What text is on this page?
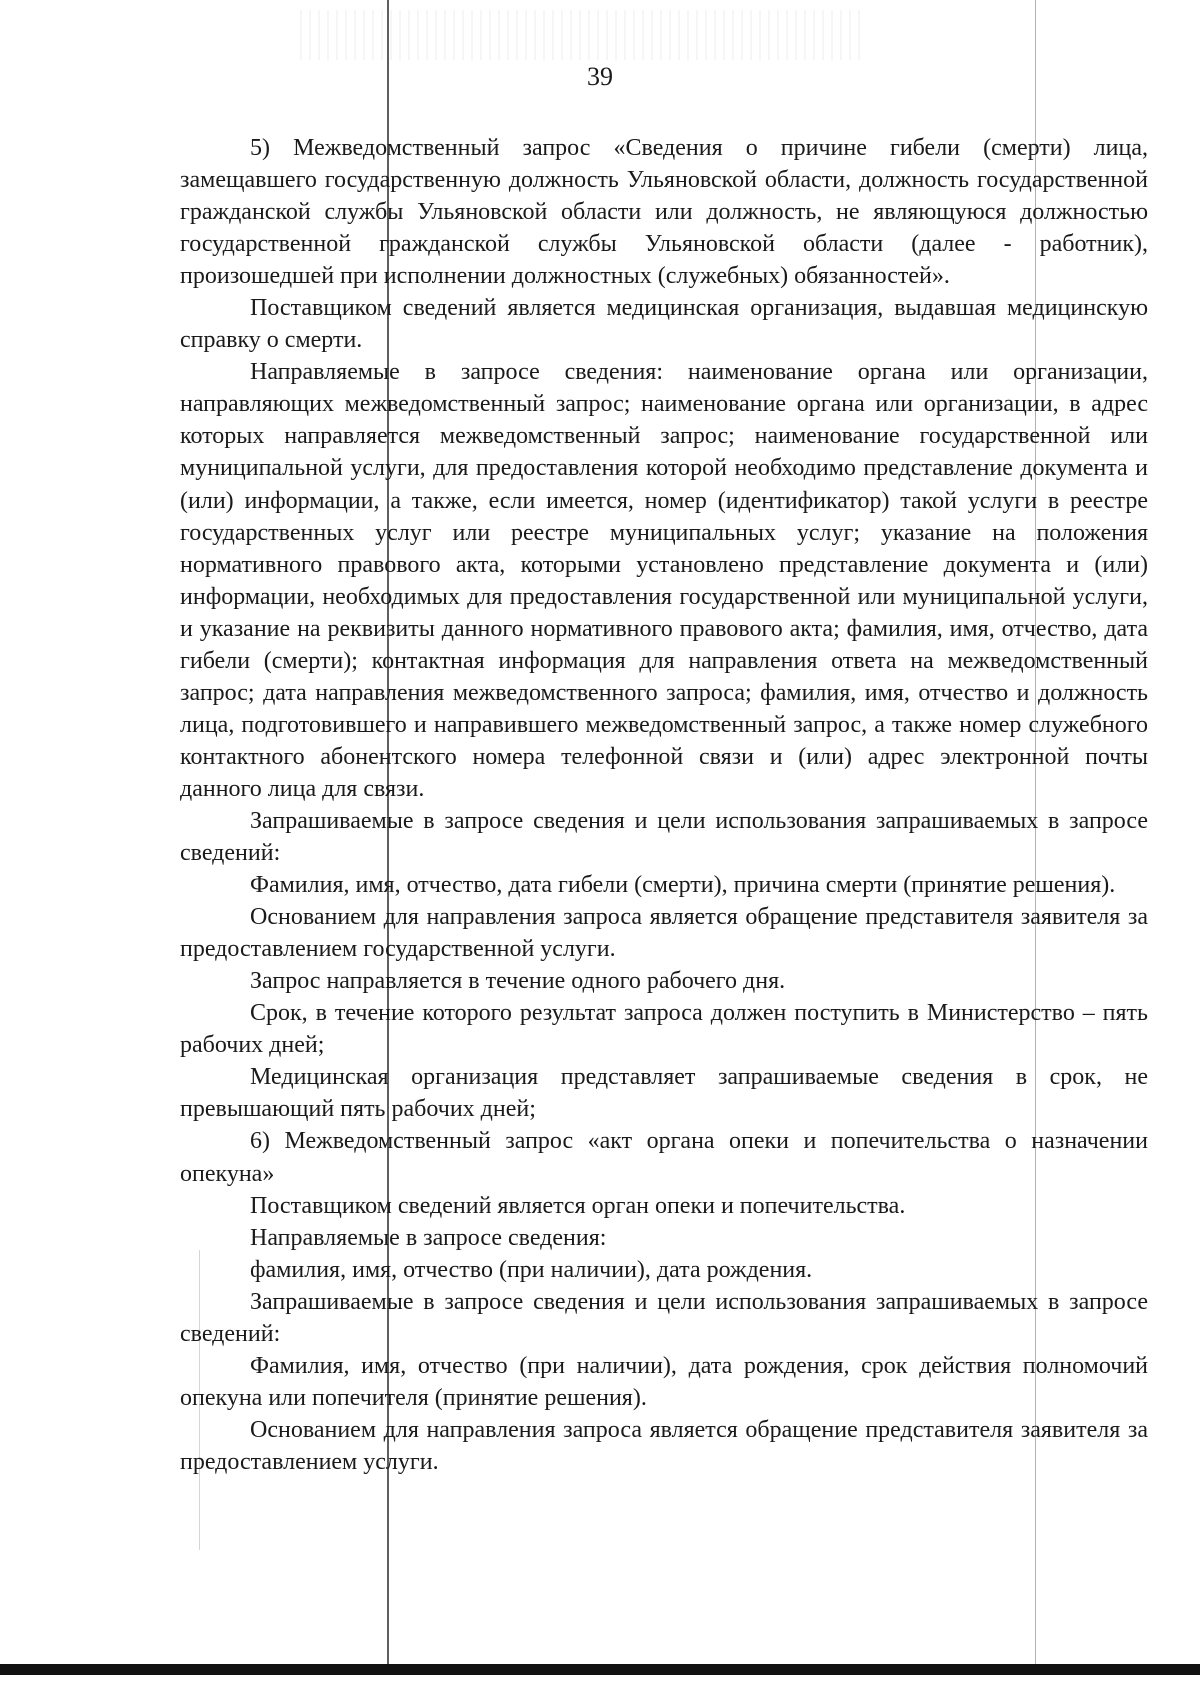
39

5) Межведомственный запрос «Сведения о причине гибели (смерти) лица, замещавшего государственную должность Ульяновской области, должность государственной гражданской службы Ульяновской области или должность, не являющуюся должностью государственной гражданской службы Ульяновской области (далее - работник), произошедшей при исполнении должностных (служебных) обязанностей».

Поставщиком сведений является медицинская организация, выдавшая медицинскую справку о смерти.

Направляемые в запросе сведения: наименование органа или организации, направляющих межведомственный запрос; наименование органа или организации, в адрес которых направляется межведомственный запрос; наименование государственной или муниципальной услуги, для предоставления которой необходимо представление документа и (или) информации, а также, если имеется, номер (идентификатор) такой услуги в реестре государственных услуг или реестре муниципальных услуг; указание на положения нормативного правового акта, которыми установлено представление документа и (или) информации, необходимых для предоставления государственной или муниципальной услуги, и указание на реквизиты данного нормативного правового акта; фамилия, имя, отчество, дата гибели (смерти); контактная информация для направления ответа на межведомственный запрос; дата направления межведомственного запроса; фамилия, имя, отчество и должность лица, подготовившего и направившего межведомственный запрос, а также номер служебного контактного абонентского номера телефонной связи и (или) адрес электронной почты данного лица для связи.

Запрашиваемые в запросе сведения и цели использования запрашиваемых в запросе сведений:

Фамилия, имя, отчество, дата гибели (смерти), причина смерти (принятие решения).

Основанием для направления запроса является обращение представителя заявителя за предоставлением государственной услуги.

Запрос направляется в течение одного рабочего дня.

Срок, в течение которого результат запроса должен поступить в Министерство – пять рабочих дней;

Медицинская организация представляет запрашиваемые сведения в срок, не превышающий пять рабочих дней;

6) Межведомственный запрос «акт органа опеки и попечительства о назначении опекуна»

Поставщиком сведений является орган опеки и попечительства.

Направляемые в запросе сведения:

фамилия, имя, отчество (при наличии), дата рождения.

Запрашиваемые в запросе сведения и цели использования запрашиваемых в запросе сведений:

Фамилия, имя, отчество (при наличии), дата рождения, срок действия полномочий опекуна или попечителя (принятие решения).

Основанием для направления запроса является обращение представителя заявителя за предоставлением услуги.
